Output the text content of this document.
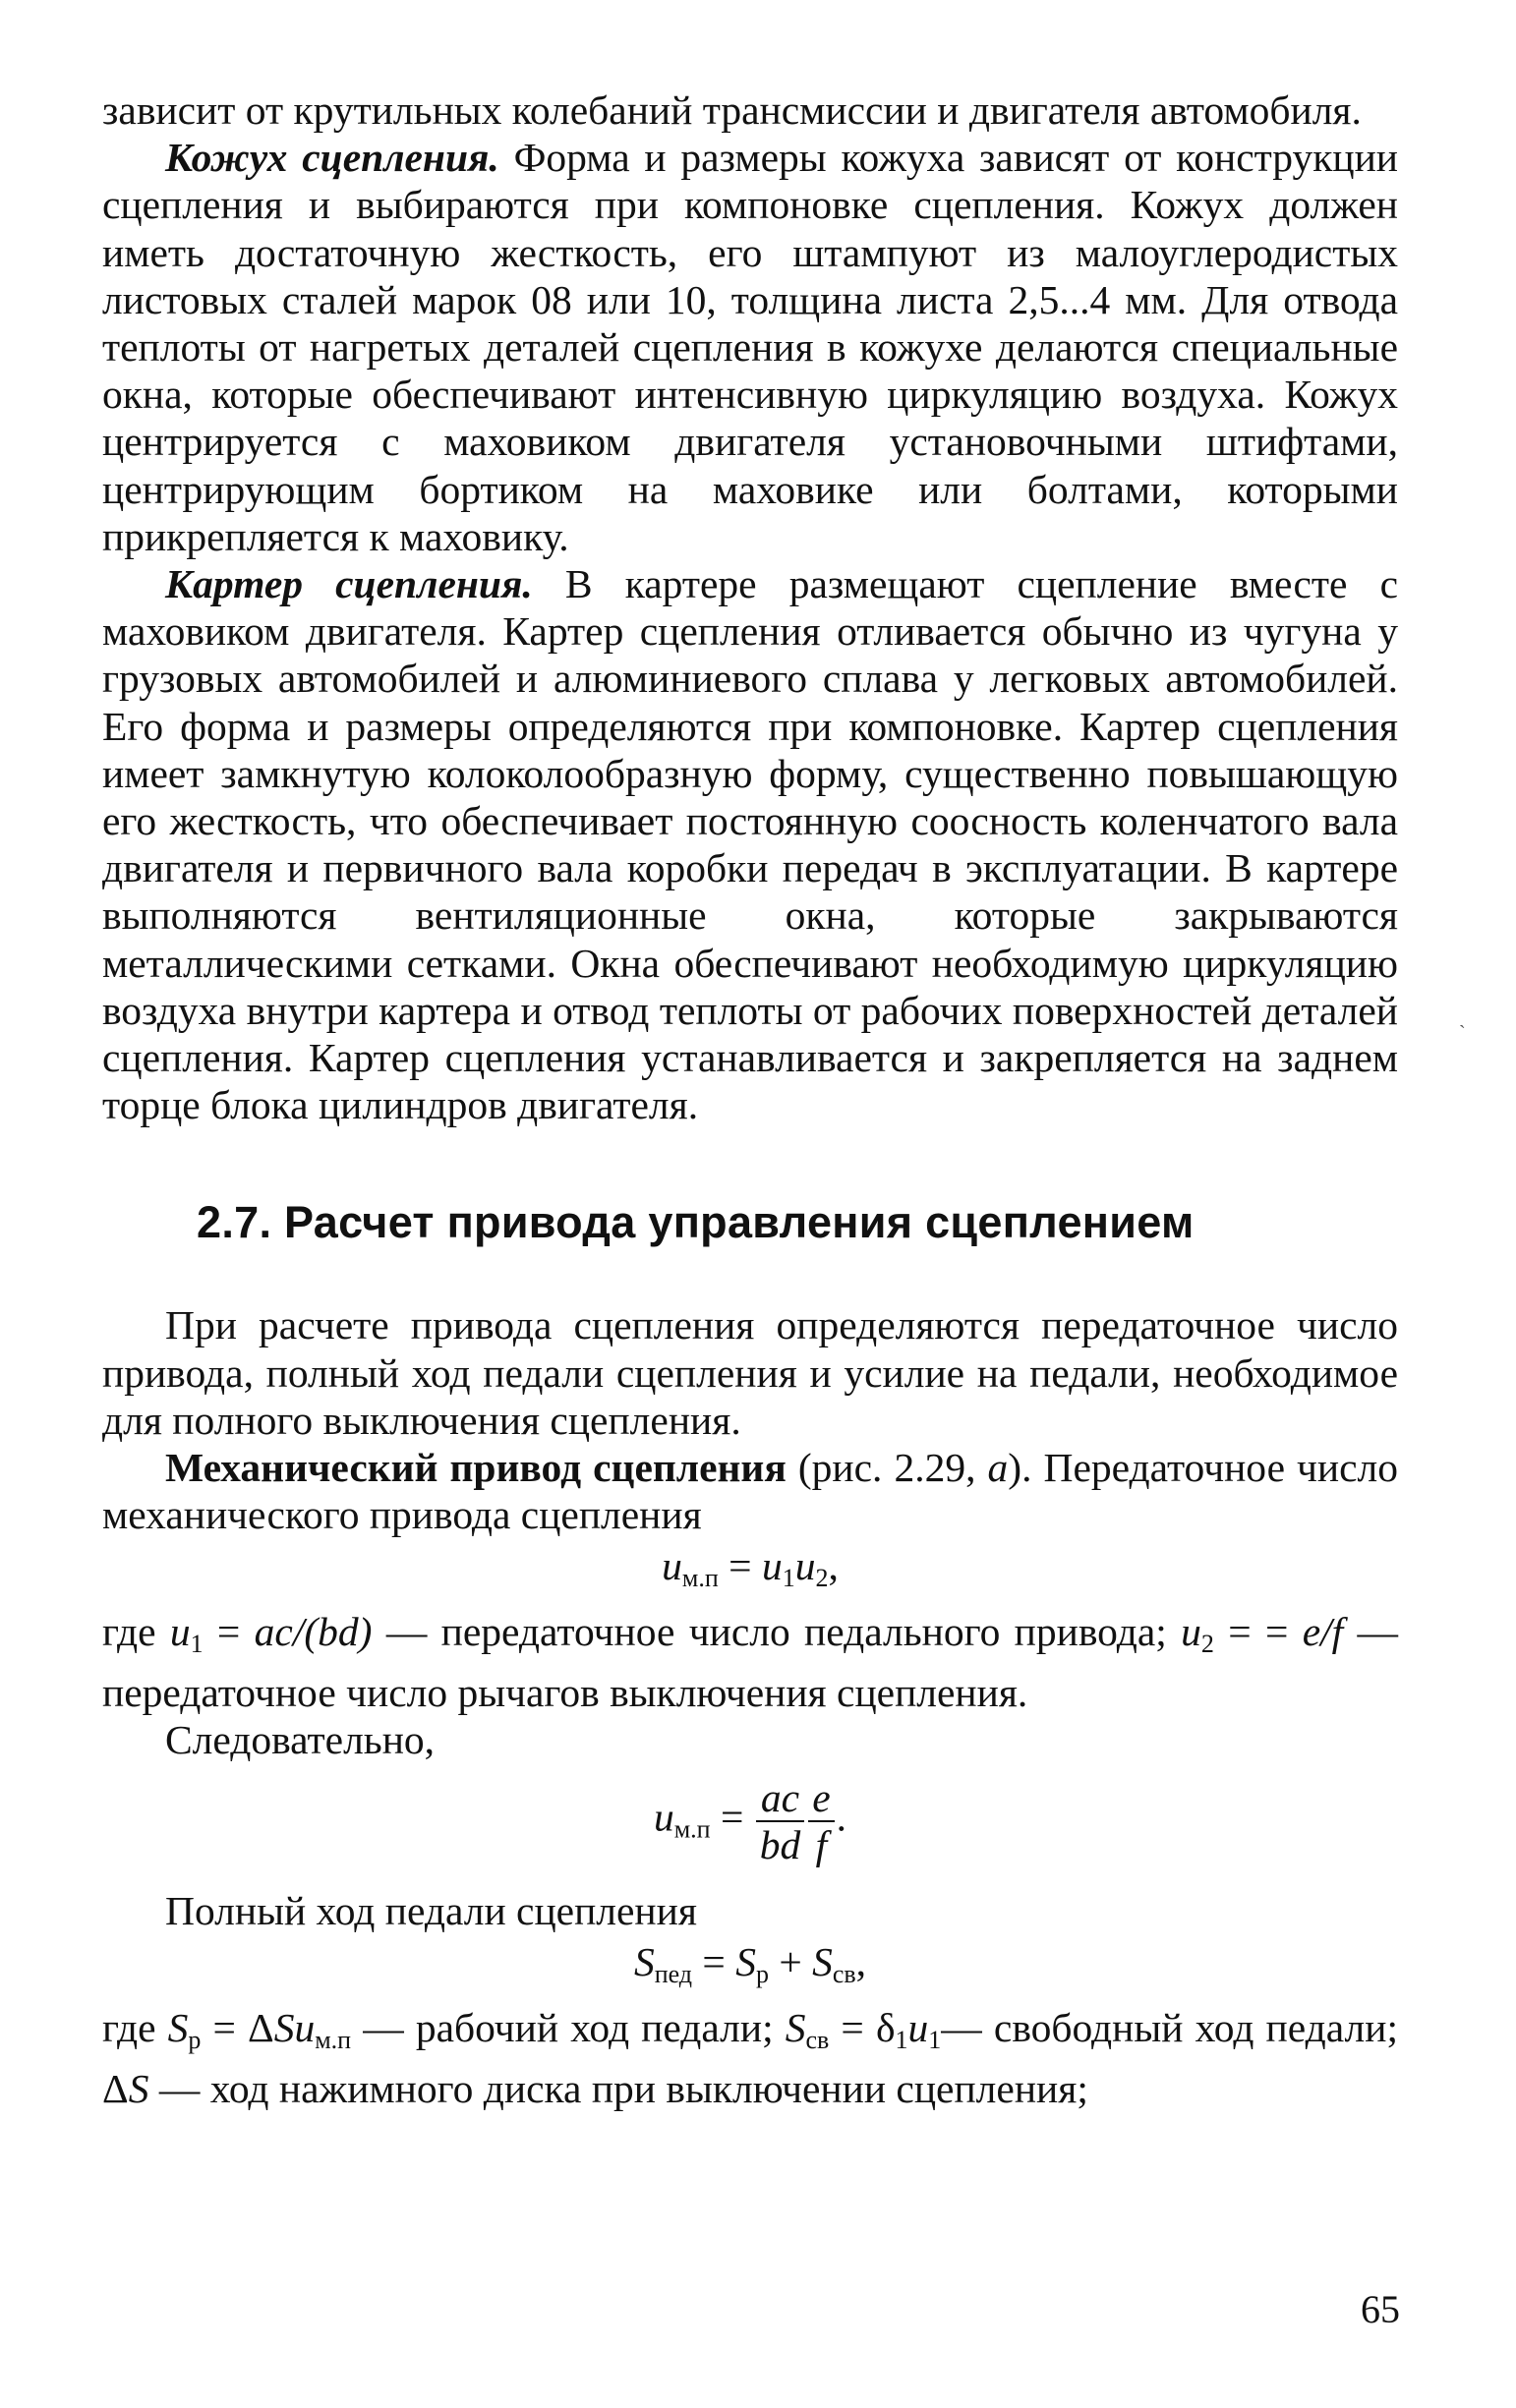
зависит от крутильных колебаний трансмиссии и двигателя автомобиля.

Кожух сцепления. Форма и размеры кожуха зависят от конструкции сцепления и выбираются при компоновке сцепления. Кожух должен иметь достаточную жесткость, его штампуют из малоуглеродистых листовых сталей марок 08 или 10, толщина листа 2,5...4 мм. Для отвода теплоты от нагретых деталей сцепления в кожухе делаются специальные окна, которые обеспечивают интенсивную циркуляцию воздуха. Кожух центрируется с маховиком двигателя установочными штифтами, центрирующим бортиком на маховике или болтами, которыми прикрепляется к маховику.

Картер сцепления. В картере размещают сцепление вместе с маховиком двигателя. Картер сцепления отливается обычно из чугуна у грузовых автомобилей и алюминиевого сплава у легковых автомобилей. Его форма и размеры определяются при компоновке. Картер сцепления имеет замкнутую колоколообразную форму, существенно повышающую его жесткость, что обеспечивает постоянную соосность коленчатого вала двигателя и первичного вала коробки передач в эксплуатации. В картере выполняются вентиляционные окна, которые закрываются металлическими сетками. Окна обеспечивают необходимую циркуляцию воздуха внутри картера и отвод теплоты от рабочих поверхностей деталей сцепления. Картер сцепления устанавливается и закрепляется на заднем торце блока цилиндров двигателя.

2.7. Расчет привода управления сцеплением

При расчете привода сцепления определяются передаточное число привода, полный ход педали сцепления и усилие на педали, необходимое для полного выключения сцепления.

Механический привод сцепления (рис. 2.29, а). Передаточное число механического привода сцепления

$u_{м.п} = u_1u_2$,

где $u_1 = ac/(bd)$ — передаточное число педального привода; $u_2$ = = e/f — передаточное число рычагов выключения сцепления.

Следовательно,

$u_{м.п} = \frac{ac}{bd} \frac{e}{f}$ .

Полный ход педали сцепления

$S_{пед} = S_р + S_{св}$,

где $S_р = \Delta Su_{м.п}$ — рабочий ход педали; $S_{св}$ = $\delta_1u_1—$ свободный ход педали; ΔS — ход нажимного диска при выключении сцепления;

ˋ
65
